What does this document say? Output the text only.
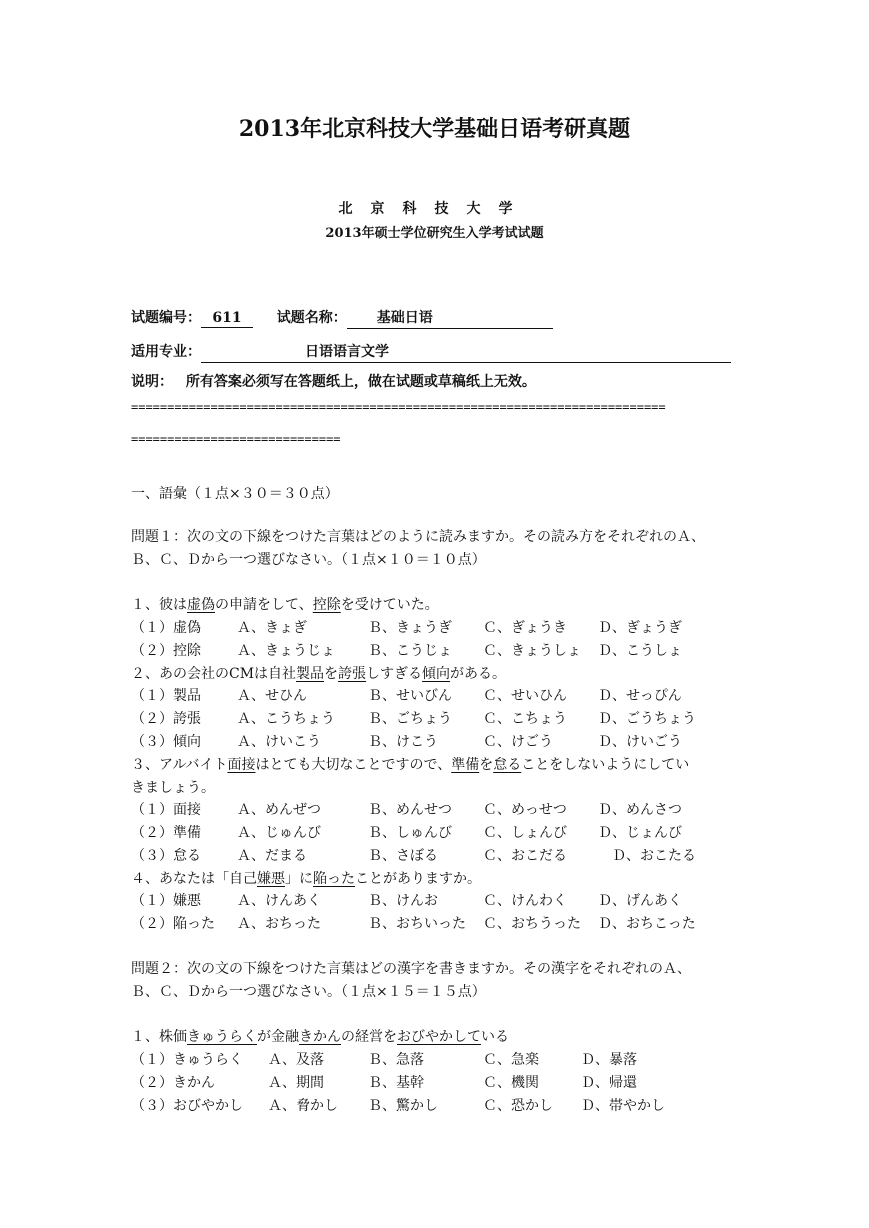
2013年北京科技大学基础日语考研真题
北京科技大学
2013年硕士学位研究生入学考试试题
试题编号： 611	试题名称： 基础日语
适用专业：	日语语言文学
说明： 所有答案必须写在答题纸上，做在试题或草稿纸上无效。
==========================================================================
=============================
一、語彙（１点×３０＝３０点）
問題１：次の文の下線をつけた言葉はどのように読みますか。その読み方をそれぞれのＡ、
Ｂ、Ｃ、Ｄから一つ選びなさい。（１点×１０＝１０点）
１、彼は虚偽の申請をして、控除を受けていた。
（１）虚偽	Ａ、きょぎ	Ｂ、きょうぎ Ｃ、ぎょうき Ｄ、ぎょうぎ
（２）控除	Ａ、きょうじょ Ｂ、こうじょ Ｃ、きょうしょ Ｄ、こうしょ
２、あの会社のCMは自社製品を誇張しすぎる傾向がある。
（１）製品	Ａ、せひん	Ｂ、せいびん Ｃ、せいひん Ｄ、せっぴん
（２）誇張	Ａ、こうちょう Ｂ、ごちょう Ｃ、こちょう Ｄ、ごうちょう
（３）傾向	Ａ、けいこう	Ｂ、けこう	Ｃ、けごう	Ｄ、けいごう
３、アルバイト面接はとても大切なことですので、準備を怠ることをしないようにしてい
きましょう。
（１）面接	Ａ、めんぜつ	Ｂ、めんせつ Ｃ、めっせつ Ｄ、めんさつ
（２）準備	Ａ、じゅんび	Ｂ、しゅんび Ｃ、しょんび Ｄ、じょんび
（３）怠る	Ａ、だまる	Ｂ、さぼる	Ｃ、おこだる	Ｄ、おこたる
４、あなたは「自己嫌悪」に陥ったことがありますか。
（１）嫌悪	Ａ、けんあく	Ｂ、けんお	Ｃ、けんわく Ｄ、げんあく
（２）陥った Ａ、おちった	Ｂ、おちいった Ｃ、おちうった Ｄ、おちこった
問題２：次の文の下線をつけた言葉はどの漢字を書きますか。その漢字をそれぞれのＡ、
Ｂ、Ｃ、Ｄから一つ選びなさい。（１点×１５＝１５点）
１、株価きゅうらくが金融きかんの経営をおびやかしている
（１）きゅうらく Ａ、及落	Ｂ、急落	Ｃ、急楽	Ｄ、暴落
（２）きかん	Ａ、期間	Ｂ、基幹	Ｃ、機関	Ｄ、帰還
（３）おびやかし Ａ、脅かし Ｂ、驚かし	Ｃ、恐かし Ｄ、帯やかし
